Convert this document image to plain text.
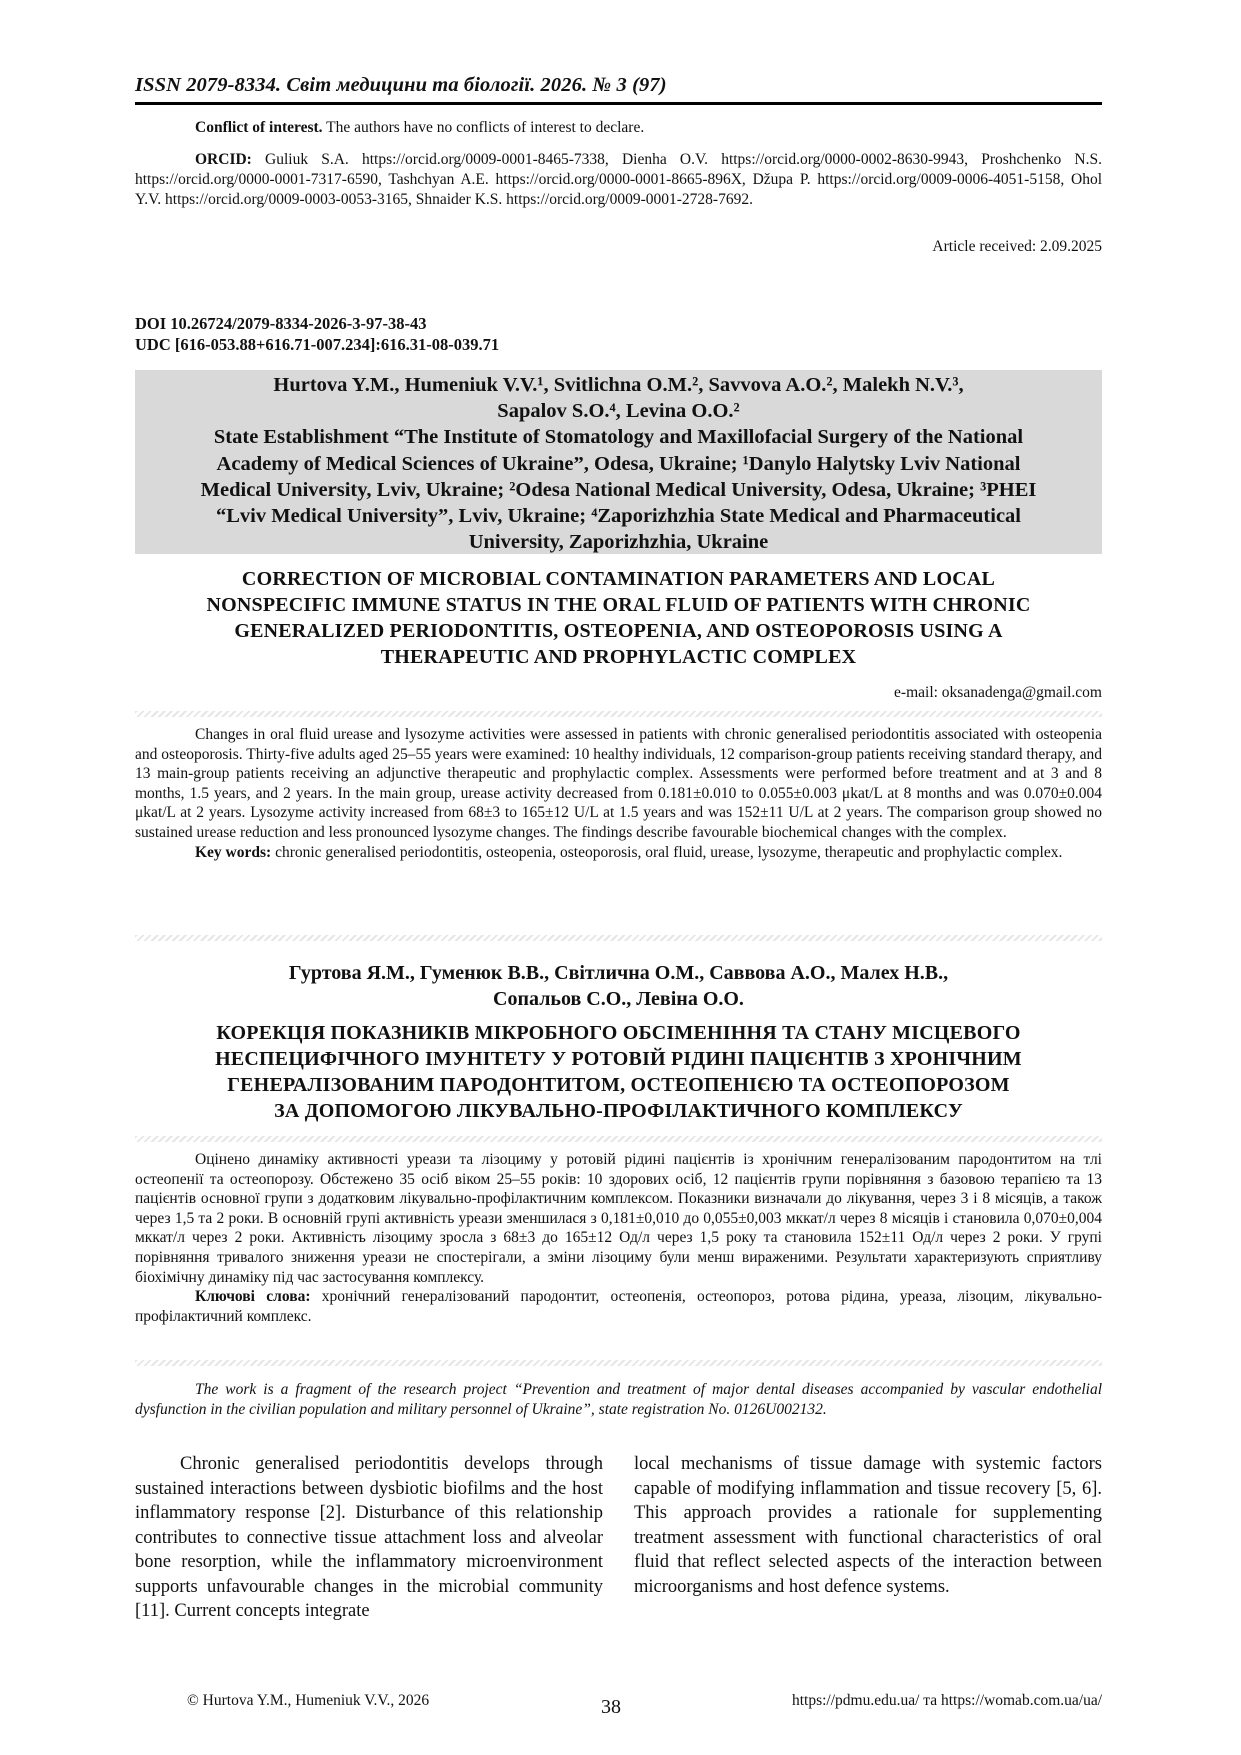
ISSN 2079-8334. Світ медицини та біології. 2026. № 3 (97)

Conflict of interest. The authors have no conflicts of interest to declare.

ORCID: Guliuk S.A. https://orcid.org/0009-0001-8465-7338, Dienha O.V. https://orcid.org/0000-0002-8630-9943, Proshchenko N.S. https://orcid.org/0000-0001-7317-6590, Tashchyan A.E. https://orcid.org/0000-0001-8665-896X, Džupa P. https://orcid.org/0009-0006-4051-5158, Ohol Y.V. https://orcid.org/0009-0003-0053-3165, Shnaider K.S. https://orcid.org/0009-0001-2728-7692.

Article received: 2.09.2025
DOI 10.26724/2079-8334-2026-3-97-38-43
UDC [616-053.88+616.71-007.234]:616.31-08-039.71
Hurtova Y.M., Humeniuk V.V.¹, Svitlichna O.M.², Savvova A.O.², Malekh N.V.³,
Sapalov S.O.⁴, Levina O.O.²
State Establishment “The Institute of Stomatology and Maxillofacial Surgery of the National
Academy of Medical Sciences of Ukraine”, Odesa, Ukraine; ¹Danylo Halytsky Lviv National
Medical University, Lviv, Ukraine; ²Odesa National Medical University, Odesa, Ukraine; ³PHEI
“Lviv Medical University”, Lviv, Ukraine; ⁴Zaporizhzhia State Medical and Pharmaceutical
University, Zaporizhzhia, Ukraine
CORRECTION OF MICROBIAL CONTAMINATION PARAMETERS AND LOCAL
NONSPECIFIC IMMUNE STATUS IN THE ORAL FLUID OF PATIENTS WITH CHRONIC
GENERALIZED PERIODONTITIS, OSTEOPENIA, AND OSTEOPOROSIS USING A
THERAPEUTIC AND PROPHYLACTIC COMPLEX
e-mail: oksanadenga@gmail.com

Changes in oral fluid urease and lysozyme activities were assessed in patients with chronic generalised periodontitis associated with osteopenia and osteoporosis. Thirty-five adults aged 25–55 years were examined: 10 healthy individuals, 12 comparison-group patients receiving standard therapy, and 13 main-group patients receiving an adjunctive therapeutic and prophylactic complex. Assessments were performed before treatment and at 3 and 8 months, 1.5 years, and 2 years. In the main group, urease activity decreased from 0.181±0.010 to 0.055±0.003 μkat/L at 8 months and was 0.070±0.004 μkat/L at 2 years. Lysozyme activity increased from 68±3 to 165±12 U/L at 1.5 years and was 152±11 U/L at 2 years. The comparison group showed no sustained urease reduction and less pronounced lysozyme changes. The findings describe favourable biochemical changes with the complex.

Key words: chronic generalised periodontitis, osteopenia, osteoporosis, oral fluid, urease, lysozyme, therapeutic and prophylactic complex.

Гуртова Я.М., Гуменюк В.В., Світлична О.М., Саввова А.О., Малех Н.В.,
Сопальов С.О., Левіна О.О.
КОРЕКЦІЯ ПОКАЗНИКІВ МІКРОБНОГО ОБСІМЕНІННЯ ТА СТАНУ МІСЦЕВОГО
НЕСПЕЦИФІЧНОГО ІМУНІТЕТУ У РОТОВІЙ РІДИНІ ПАЦІЄНТІВ З ХРОНІЧНИМ
ГЕНЕРАЛІЗОВАНИМ ПАРОДОНТИТОМ, ОСТЕОПЕНІЄЮ ТА ОСТЕОПОРОЗОМ
ЗА ДОПОМОГОЮ ЛІКУВАЛЬНО-ПРОФІЛАКТИЧНОГО КОМПЛЕКСУ

Оцінено динаміку активності уреази та лізоциму у ротовій рідині пацієнтів із хронічним генералізованим пародонтитом на тлі остеопенії та остеопорозу. Обстежено 35 осіб віком 25–55 років: 10 здорових осіб, 12 пацієнтів групи порівняння з базовою терапією та 13 пацієнтів основної групи з додатковим лікувально-профілактичним комплексом. Показники визначали до лікування, через 3 і 8 місяців, а також через 1,5 та 2 роки. В основній групі активність уреази зменшилася з 0,181±0,010 до 0,055±0,003 мккат/л через 8 місяців і становила 0,070±0,004 мккат/л через 2 роки. Активність лізоциму зросла з 68±3 до 165±12 Од/л через 1,5 року та становила 152±11 Од/л через 2 роки. У групі порівняння тривалого зниження уреази не спостерігали, а зміни лізоциму були менш вираженими. Результати характеризують сприятливу біохімічну динаміку під час застосування комплексу.

Ключові слова: хронічний генералізований пародонтит, остеопенія, остеопороз, ротова рідина, уреаза, лізоцим, лікувально-профілактичний комплекс.

The work is a fragment of the research project “Prevention and treatment of major dental diseases accompanied by vascular endothelial dysfunction in the civilian population and military personnel of Ukraine”, state registration No. 0126U002132.

Chronic generalised periodontitis develops through sustained interactions between dysbiotic biofilms and the host inflammatory response [2]. Disturbance of this relationship contributes to connective tissue attachment loss and alveolar bone resorption, while the inflammatory microenvironment supports unfavourable changes in the microbial community [11]. Current concepts integrate
local mechanisms of tissue damage with systemic factors capable of modifying inflammation and tissue recovery [5, 6]. This approach provides a rationale for supplementing treatment assessment with functional characteristics of oral fluid that reflect selected aspects of the interaction between microorganisms and host defence systems.
© Hurtova Y.M., Humeniuk V.V., 2026	38	https://pdmu.edu.ua/ та https://womab.com.ua/ua/
